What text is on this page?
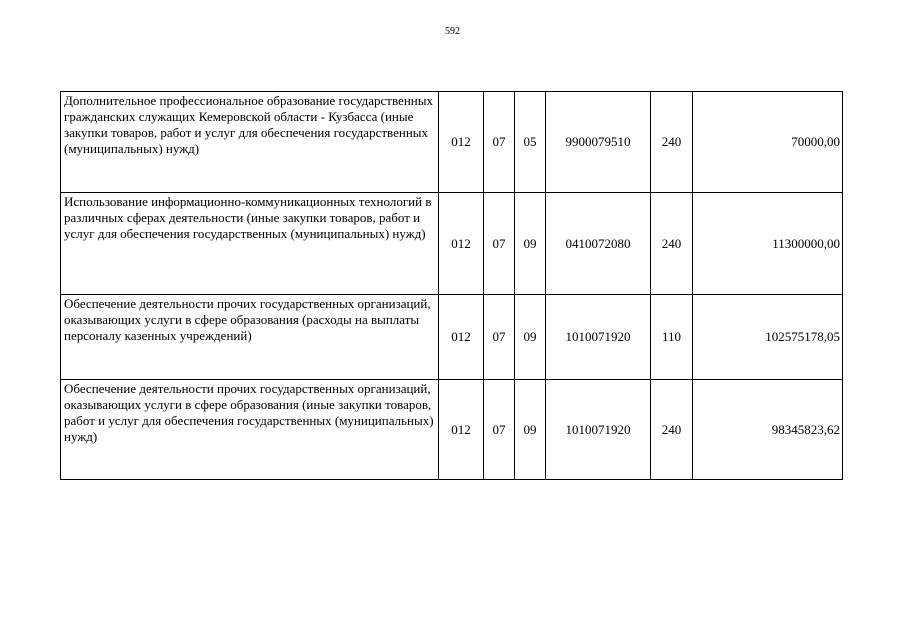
592
Дополнительное профессиональное образование государственных гражданских служащих Кемеровской области - Кузбасса (иные закупки товаров, работ и услуг для обеспечения государственных (муниципальных) нужд)	012	07	05	9900079510	240	70000,00
Использование информационно-коммуникационных технологий в различных сферах деятельности (иные закупки товаров, работ и услуг для обеспечения государственных (муниципальных) нужд)	012	07	09	0410072080	240	11300000,00
Обеспечение деятельности прочих государственных организаций, оказывающих услуги в сфере образования (расходы на выплаты персоналу казенных учреждений)	012	07	09	1010071920	110	102575178,05
Обеспечение деятельности прочих государственных организаций, оказывающих услуги в сфере образования (иные закупки товаров, работ и услуг для обеспечения государственных (муниципальных) нужд)	012	07	09	1010071920	240	98345823,62
